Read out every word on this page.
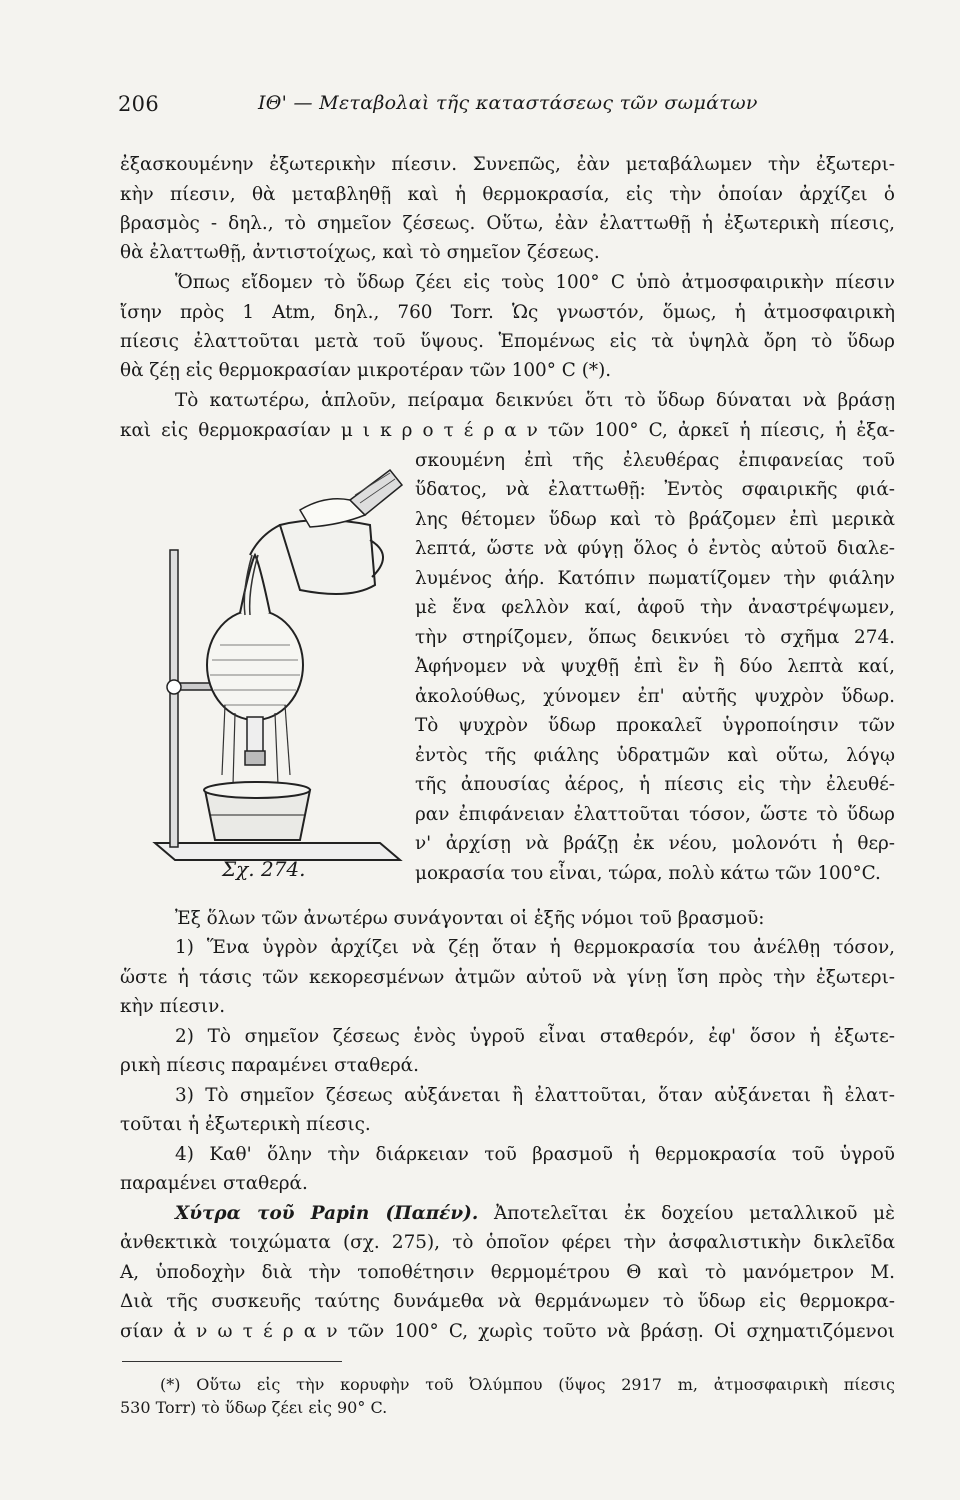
206	ΙΘ' — Μεταβολαὶ τῆς καταστάσεως τῶν σωμάτων
ἐξασκουμένην ἐξωτερικὴν πίεσιν. Συνεπῶς, ἐὰν μεταβάλωμεν τὴν ἐξωτερι-
κὴν πίεσιν, θὰ μεταβληθῇ καὶ ἡ θερμοκρασία, εἰς τὴν ὁποίαν ἀρχίζει ὁ
βρασμὸς - δηλ., τὸ σημεῖον ζέσεως. Οὕτω, ἐὰν ἐλαττωθῇ ἡ ἐξωτερικὴ πίεσις,
θὰ ἐλαττωθῇ, ἀντιστοίχως, καὶ τὸ σημεῖον ζέσεως.
Ὅπως εἴδομεν τὸ ὕδωρ ζέει εἰς τοὺς 100° C ὑπὸ ἀτμοσφαιρικὴν πίεσιν
ἴσην πρὸς 1 Atm, δηλ., 760 Torr. Ὡς γνωστόν, ὅμως, ἡ ἀτμοσφαιρικὴ
πίεσις ἐλαττοῦται μετὰ τοῦ ὕψους. Ἑπομένως εἰς τὰ ὑψηλὰ ὄρη τὸ ὕδωρ
θὰ ζέῃ εἰς θερμοκρασίαν μικροτέραν τῶν 100° C (*).
Τὸ κατωτέρω, ἁπλοῦν, πείραμα δεικνύει ὅτι τὸ ὕδωρ δύναται νὰ βράσῃ
καὶ εἰς θερμοκρασίαν μ ι κ ρ ο τ έ ρ α ν τῶν 100° C, ἀρκεῖ ἡ πίεσις, ἡ ἐξα-
σκουμένη ἐπὶ τῆς ἐλευθέρας ἐπιφανείας τοῦ
ὕδατος, νὰ ἐλαττωθῇ: Ἐντὸς σφαιρικῆς φιά-
λης θέτομεν ὕδωρ καὶ τὸ βράζομεν ἐπὶ μερικὰ
λεπτά, ὥστε νὰ φύγῃ ὅλος ὁ ἐντὸς αὐτοῦ διαλε-
λυμένος ἀήρ. Κατόπιν πωματίζομεν τὴν φιάλην
μὲ ἕνα φελλὸν καί, ἀφοῦ τὴν ἀναστρέψωμεν,
τὴν στηρίζομεν, ὅπως δεικνύει τὸ σχῆμα 274.
Ἀφήνομεν νὰ ψυχθῇ ἐπὶ ἓν ἢ δύο λεπτὰ καί,
ἀκολούθως, χύνομεν ἐπ' αὐτῆς ψυχρὸν ὕδωρ.
Τὸ ψυχρὸν ὕδωρ προκαλεῖ ὑγροποίησιν τῶν
ἐντὸς τῆς φιάλης ὑδρατμῶν καὶ οὕτω, λόγῳ
τῆς ἀπουσίας ἀέρος, ἡ πίεσις εἰς τὴν ἐλευθέ-
ραν ἐπιφάνειαν ἐλαττοῦται τόσον, ὥστε τὸ ὕδωρ
ν' ἀρχίσῃ νὰ βράζῃ ἐκ νέου, μολονότι ἡ θερ-
μοκρασία του εἶναι, τώρα, πολὺ κάτω τῶν 100°C.
Σχ. 274.
Ἐξ ὅλων τῶν ἀνωτέρω συνάγονται οἱ ἑξῆς νόμοι τοῦ βρασμοῦ:
1) Ἕνα ὑγρὸν ἀρχίζει νὰ ζέῃ ὅταν ἡ θερμοκρασία του ἀνέλθῃ τόσον,
ὥστε ἡ τάσις τῶν κεκορεσμένων ἀτμῶν αὐτοῦ νὰ γίνῃ ἴση πρὸς τὴν ἐξωτερι-
κὴν πίεσιν.
2) Τὸ σημεῖον ζέσεως ἑνὸς ὑγροῦ εἶναι σταθερόν, ἐφ' ὅσον ἡ ἐξωτε-
ρικὴ πίεσις παραμένει σταθερά.
3) Τὸ σημεῖον ζέσεως αὐξάνεται ἢ ἐλαττοῦται, ὅταν αὐξάνεται ἢ ἐλατ-
τοῦται ἡ ἐξωτερικὴ πίεσις.
4) Καθ' ὅλην τὴν διάρκειαν τοῦ βρασμοῦ ἡ θερμοκρασία τοῦ ὑγροῦ
παραμένει σταθερά.
Χύτρα τοῦ Papin (Παπέν). Ἀποτελεῖται ἐκ δοχείου μεταλλικοῦ μὲ
ἀνθεκτικὰ τοιχώματα (σχ. 275), τὸ ὁποῖον φέρει τὴν ἀσφαλιστικὴν δικλεῖδα
Α, ὑποδοχὴν διὰ τὴν τοποθέτησιν θερμομέτρου Θ καὶ τὸ μανόμετρον Μ.
Διὰ τῆς συσκευῆς ταύτης δυνάμεθα νὰ θερμάνωμεν τὸ ὕδωρ εἰς θερμοκρα-
σίαν ἀ ν ω τ έ ρ α ν τῶν 100° C, χωρὶς τοῦτο νὰ βράσῃ. Οἱ σχηματιζόμενοι
(*) Οὕτω εἰς τὴν κορυφὴν τοῦ Ὀλύμπου (ὕψος 2917 m, ἀτμοσφαιρικὴ πίεσις
530 Torr) τὸ ὕδωρ ζέει εἰς 90° C.
